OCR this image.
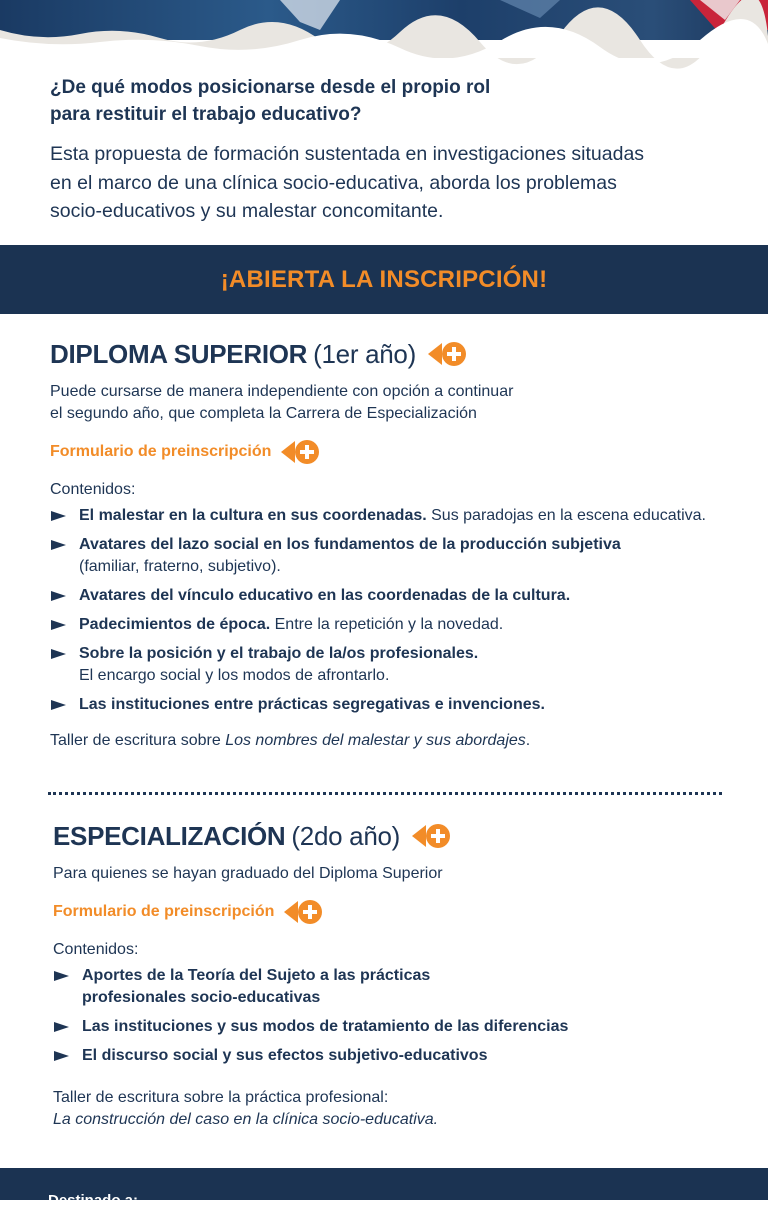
¿De qué modos posicionarse desde el propio rol
para restituir el trabajo educativo?

Esta propuesta de formación sustentada en investigaciones situadas
en el marco de una clínica socio-educativa, aborda los problemas
socio-educativos y su malestar concomitante.

¡ABIERTA LA INSCRIPCIÓN!
DIPLOMA SUPERIOR (1er año)

Puede cursarse de manera independiente con opción a continuar
el segundo año, que completa la Carrera de Especialización

Formulario de preinscripción

Contenidos:

El malestar en la cultura en sus coordenadas. Sus paradojas en la escena educativa.
Avatares del lazo social en los fundamentos de la producción subjetiva
(familiar, fraterno, subjetivo).
Avatares del vínculo educativo en las coordenadas de la cultura.
Padecimientos de época. Entre la repetición y la novedad.
Sobre la posición y el trabajo de la/os profesionales.
El encargo social y los modos de afrontarlo.
Las instituciones entre prácticas segregativas e invenciones.
Taller de escritura sobre Los nombres del malestar y sus abordajes.
ESPECIALIZACIÓN (2do año)

Para quienes se hayan graduado del Diploma Superior

Formulario de preinscripción

Contenidos:

Aportes de la Teoría del Sujeto a las prácticas
profesionales socio-educativas
Las instituciones y sus modos de tratamiento de las diferencias
El discurso social y sus efectos subjetivo-educativos
Taller de escritura sobre la práctica profesional:
La construcción del caso en la clínica socio-educativa.
Destinado a:
